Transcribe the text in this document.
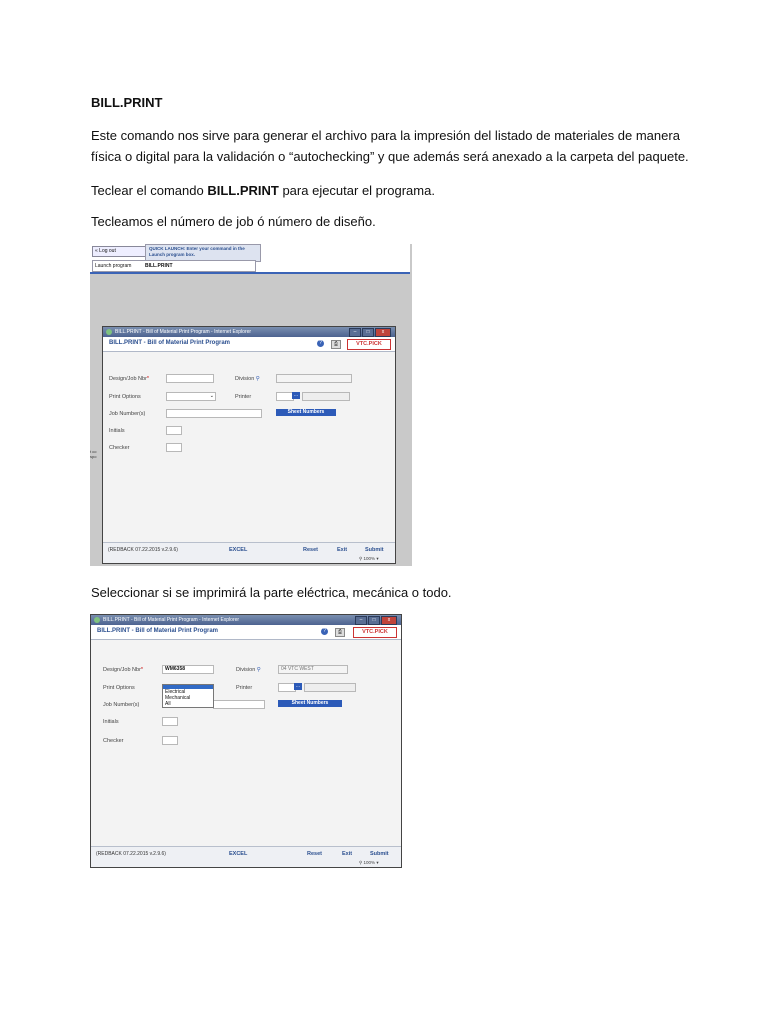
BILL.PRINT
Este comando nos sirve para generar el archivo para la impresión del listado de materiales de manera
física o digital para la validación o “autochecking” y que además será anexado a la carpeta del paquete.
Teclear el comando BILL.PRINT para ejecutar el programa.
Tecleamos el número de job ó número de diseño.
« Log out	QUICK LAUNCH: Enter your command in the Launch program box.
Launch program	BILL.PRINT
t co spo
BILL.PRINT - Bill of Material Print Program - Internet Explorer	–	□	x
BILL.PRINT - Bill of Material Print Program	?	⎙	VTC.PICK
Design/Job Nbr*	Division ⚲
Print Options	⌄	Printer	...
Job Number(s)	Sheet Numbers
Initials
Checker
(REDBACK 07.22.2015 v.2.9.6)	EXCEL	Reset	Exit	Submit
⚲ 100% ▾
Seleccionar si se imprimirá la parte eléctrica, mecánica o todo.
BILL.PRINT - Bill of Material Print Program - Internet Explorer	–	□	x
BILL.PRINT - Bill of Material Print Program	?	⎙	VTC.PICK
Design/Job Nbr*	WM6358	Division ⚲	04 VTC WEST
Print Options	Printer	...
Job Number(s)	Sheet Numbers
Initials
Checker
Electrical
Mechanical
All
(REDBACK 07.22.2015 v.2.9.6)	EXCEL	Reset	Exit	Submit
⚲ 100% ▾
